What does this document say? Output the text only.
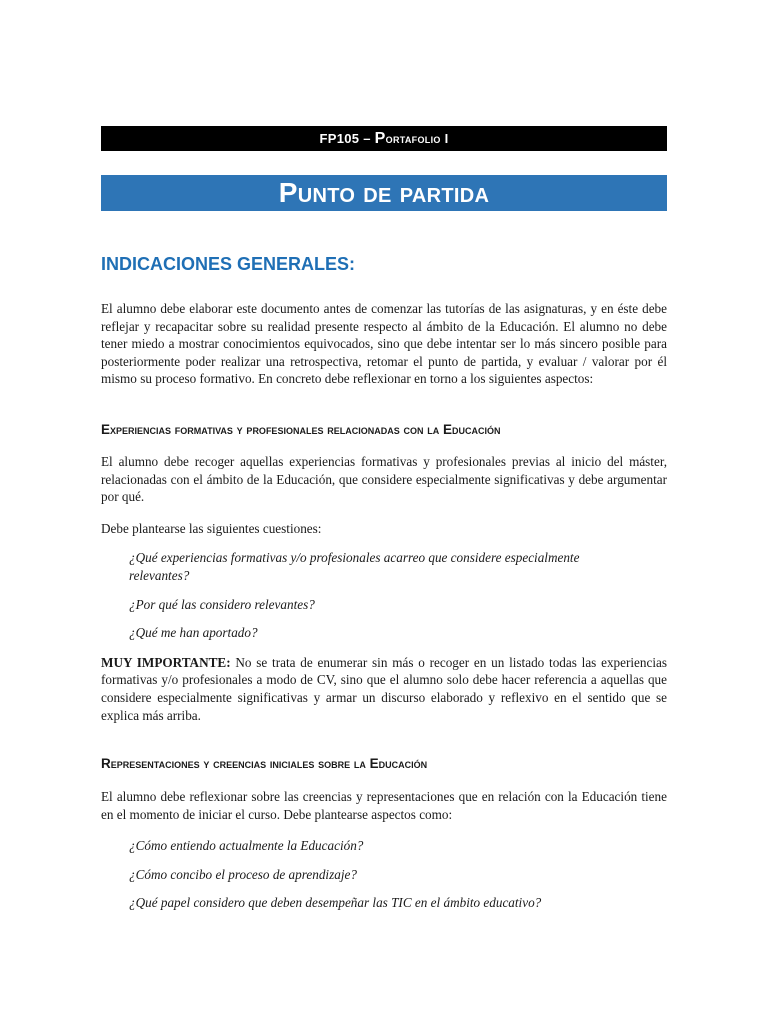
FP105
–
P ortafolio I
Punto de partida
INDICACIONES GENERALES:

El alumno debe elaborar este documento antes de comenzar las tutorías de las asignaturas, y en éste debe reflejar y recapacitar sobre su realidad presente respecto al ámbito de la Educación. El alumno no debe tener miedo a mostrar conocimientos equivocados, sino que debe intentar ser lo más sincero posible para posteriormente poder realizar una retrospectiva, retomar el punto de partida, y evaluar / valorar por él mismo su proceso formativo. En concreto debe reflexionar en torno a los siguientes aspectos:

Experiencias formativas y profesionales relacionadas con la Educación

El alumno debe recoger aquellas experiencias formativas y profesionales previas al inicio del máster, relacionadas con el ámbito de la Educación, que considere especialmente significativas y debe argumentar por qué.

Debe plantearse las siguientes cuestiones:

¿Qué experiencias formativas y/o profesionales acarreo que considere especialmente relevantes?
¿Por qué las considero relevantes?
¿Qué me han aportado?

MUY IMPORTANTE: No se trata de enumerar sin más o recoger en un listado todas las experiencias formativas y/o profesionales a modo de CV, sino que el alumno solo debe hacer referencia a aquellas que considere especialmente significativas y armar un discurso elaborado y reflexivo en el sentido que se explica más arriba.

Representaciones y creencias iniciales sobre la Educación

El alumno debe reflexionar sobre las creencias y representaciones que en relación con la Educación tiene en el momento de iniciar el curso. Debe plantearse aspectos como:

¿Cómo entiendo actualmente la Educación?
¿Cómo concibo el proceso de aprendizaje?
¿Qué papel considero que deben desempeñar las TIC en el ámbito educativo?
